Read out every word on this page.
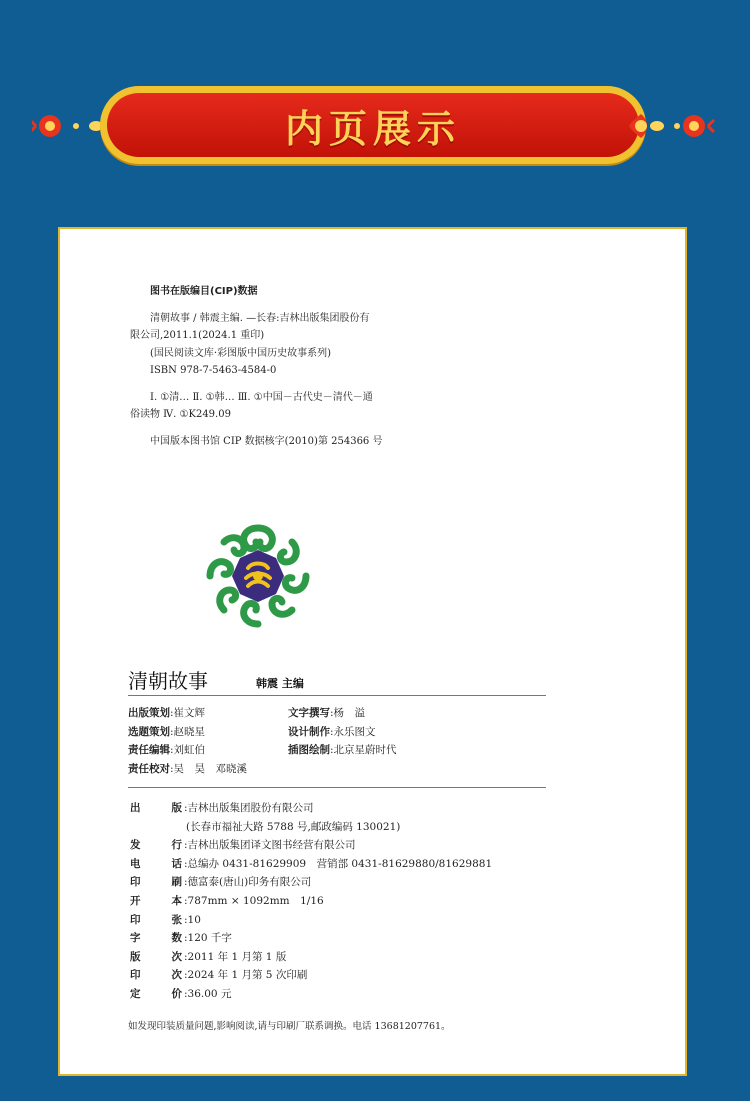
内页展示
图书在版编目(CIP)数据
清朝故事 / 韩震主编. —长春:吉林出版集团股份有
限公司,2011.1(2024.1 重印)
(国民阅读文库·彩图版中国历史故事系列)
ISBN 978-7-5463-4584-0
Ⅰ. ①清… Ⅱ. ①韩… Ⅲ. ①中国－古代史－清代－通
俗读物 Ⅳ. ①K249.09
中国版本图书馆 CIP 数据核字(2010)第 254366 号
清朝故事	韩震 主编
出版策划:崔文辉	文字撰写:杨　溢
选题策划:赵晓星	设计制作:永乐图文
责任编辑:刘虹伯	插图绘制:北京星蔚时代
责任校对:吴　昊　邓晓溪
出	版 : 吉林出版集团股份有限公司
(长春市福祉大路 5788 号,邮政编码 130021)
发	行 : 吉林出版集团译文图书经营有限公司
电	话 : 总编办 0431-81629909　营销部 0431-81629880/81629881
印	刷 : 德富泰(唐山)印务有限公司
开	本 : 787mm × 1092mm　1/16
印	张 : 10
字	数 : 120 千字
版	次 : 2011 年 1 月第 1 版
印	次 : 2024 年 1 月第 5 次印刷
定	价 : 36.00 元
如发现印装质量问题,影响阅读,请与印刷厂联系调换。电话 13681207761。
